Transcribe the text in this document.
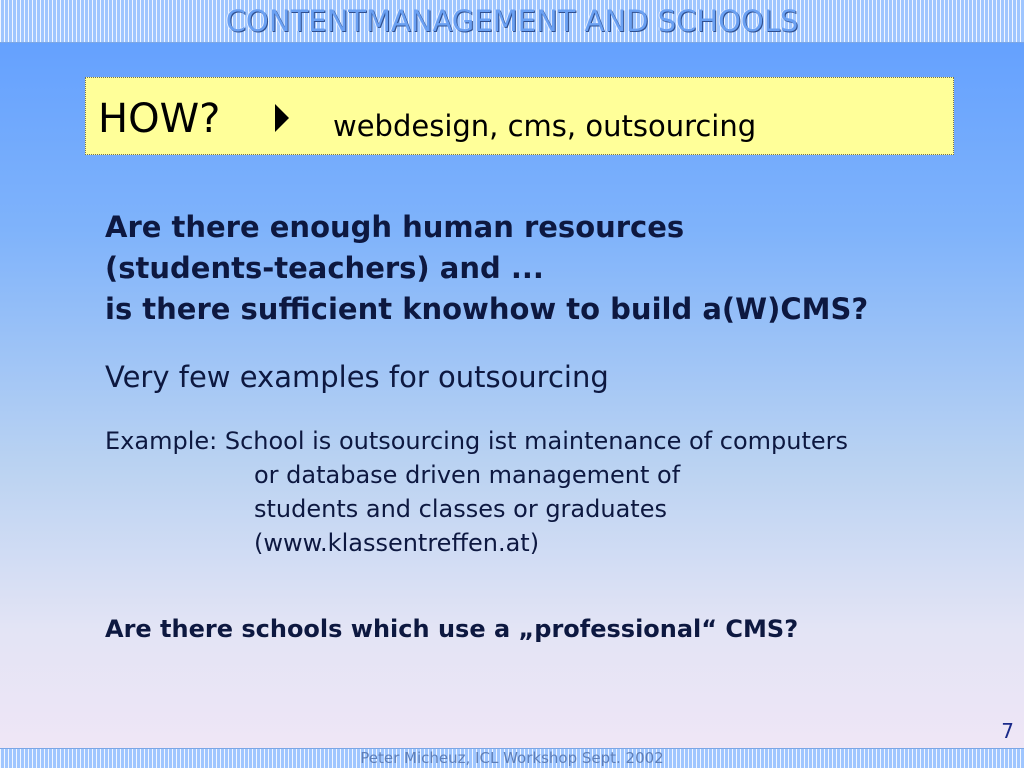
CONTENTMANAGEMENT AND SCHOOLS
HOW?	webdesign, cms, outsourcing
Are there enough human resources
(students-teachers) and ...
is there sufficient knowhow to build a(W)CMS?
Very few examples for outsourcing
Example: School is outsourcing ist maintenance of computers
or database driven management of
students and classes or graduates
(www.klassentreffen.at)
Are there schools which use a „professional“ CMS?
7
Peter Micheuz, ICL Workshop Sept. 2002
